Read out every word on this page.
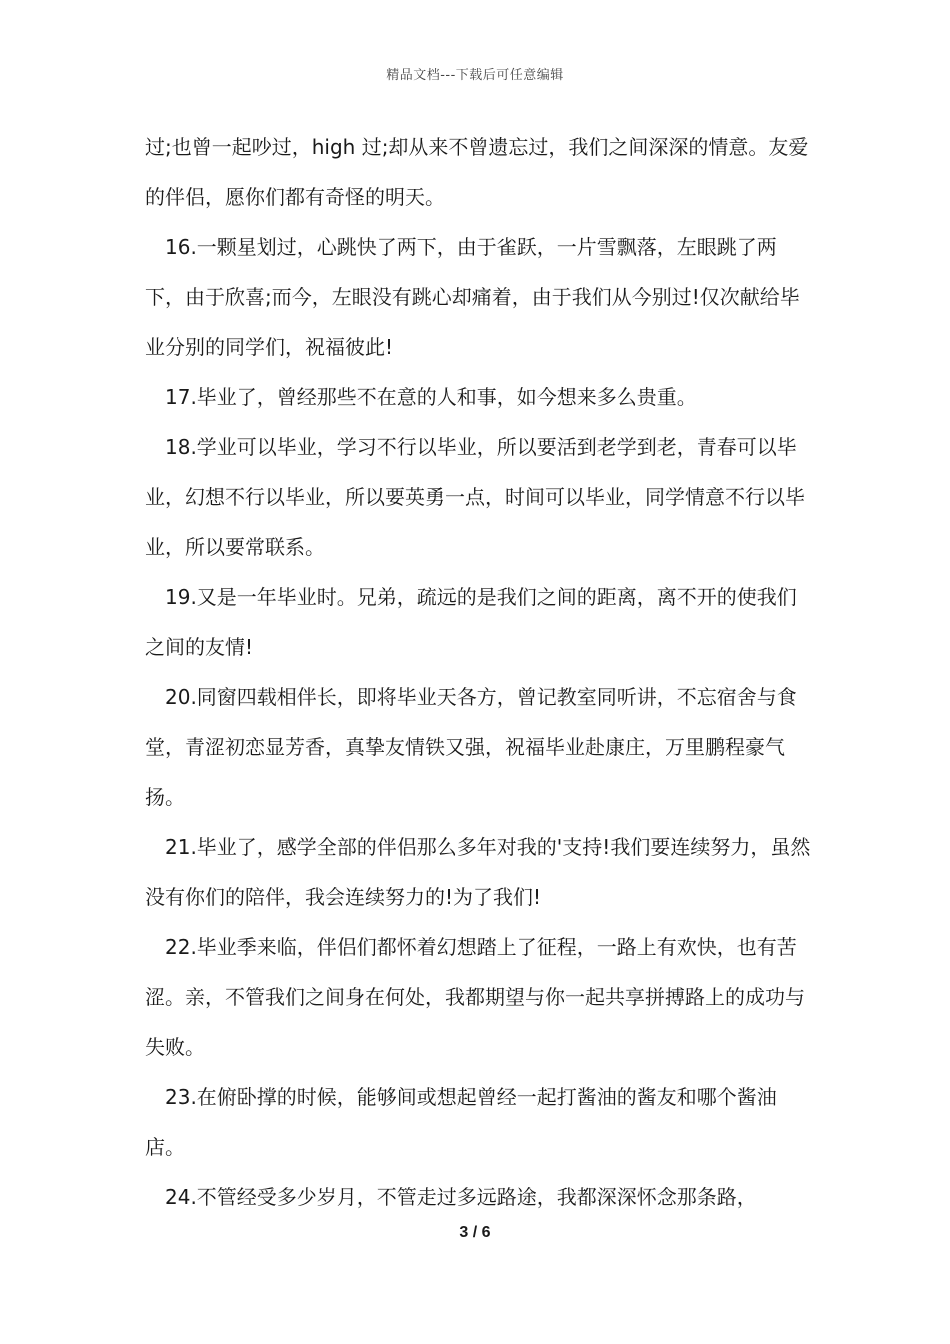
精品文档---下载后可任意编辑

过;也曾一起吵过，high 过;却从来不曾遗忘过，我们之间深深的情意。友爱的伴侣，愿你们都有奇怪的明天。

16.一颗星划过，心跳快了两下，由于雀跃，一片雪飘落，左眼跳了两下，由于欣喜;而今，左眼没有跳心却痛着，由于我们从今别过!仅次献给毕业分别的同学们，祝福彼此!

17.毕业了，曾经那些不在意的人和事，如今想来多么贵重。

18.学业可以毕业，学习不行以毕业，所以要活到老学到老，青春可以毕业，幻想不行以毕业，所以要英勇一点，时间可以毕业，同学情意不行以毕业，所以要常联系。

19.又是一年毕业时。兄弟，疏远的是我们之间的距离，离不开的使我们之间的友情!

20.同窗四载相伴长，即将毕业天各方，曾记教室同听讲，不忘宿舍与食堂，青涩初恋显芳香，真挚友情铁又强，祝福毕业赴康庄，万里鹏程豪气扬。

21.毕业了，感学全部的伴侣那么多年对我的'支持!我们要连续努力，虽然没有你们的陪伴，我会连续努力的!为了我们!

22.毕业季来临，伴侣们都怀着幻想踏上了征程，一路上有欢快，也有苦涩。亲，不管我们之间身在何处，我都期望与你一起共享拼搏路上的成功与失败。

23.在俯卧撑的时候，能够间或想起曾经一起打酱油的酱友和哪个酱油店。

24.不管经受多少岁月，不管走过多远路途，我都深深怀念那条路，

3 / 6
